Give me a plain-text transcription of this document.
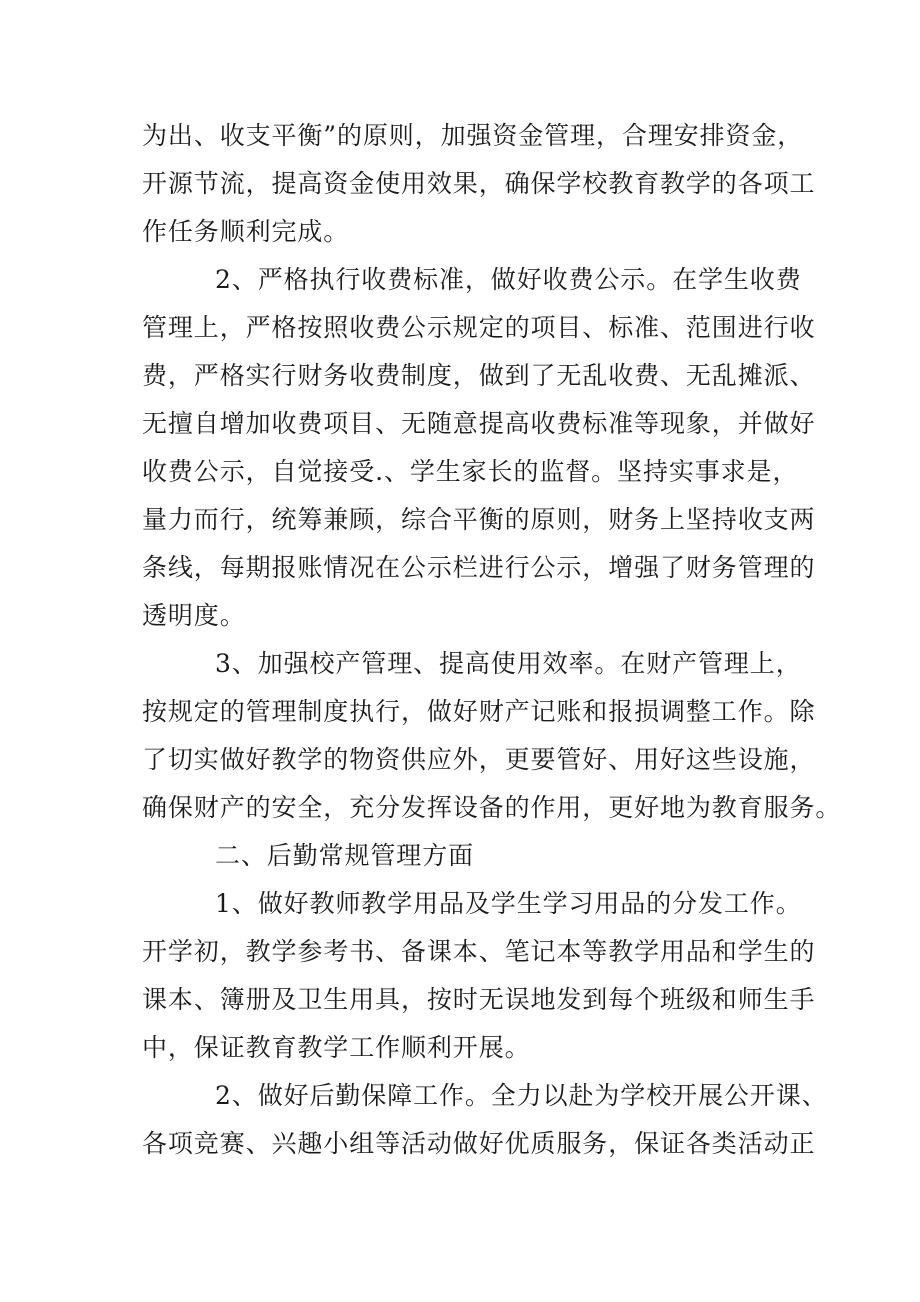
为出、收支平衡”的原则，加强资金管理，合理安排资金，

开源节流，提高资金使用效果，确保学校教育教学的各项工

作任务顺利完成。

2、严格执行收费标准，做好收费公示。在学生收费

管理上，严格按照收费公示规定的项目、标准、范围进行收

费，严格实行财务收费制度，做到了无乱收费、无乱摊派、

无擅自增加收费项目、无随意提高收费标准等现象，并做好

收费公示，自觉接受.、学生家长的监督。坚持实事求是，

量力而行，统筹兼顾，综合平衡的原则，财务上坚持收支两

条线，每期报账情况在公示栏进行公示，增强了财务管理的

透明度。

3、加强校产管理、提高使用效率。在财产管理上，

按规定的管理制度执行，做好财产记账和报损调整工作。除

了切实做好教学的物资供应外，更要管好、用好这些设施，

确保财产的安全，充分发挥设备的作用，更好地为教育服务。

二、后勤常规管理方面

1、做好教师教学用品及学生学习用品的分发工作。

开学初，教学参考书、备课本、笔记本等教学用品和学生的

课本、簿册及卫生用具，按时无误地发到每个班级和师生手

中，保证教育教学工作顺利开展。

2、做好后勤保障工作。全力以赴为学校开展公开课、

各项竞赛、兴趣小组等活动做好优质服务，保证各类活动正
